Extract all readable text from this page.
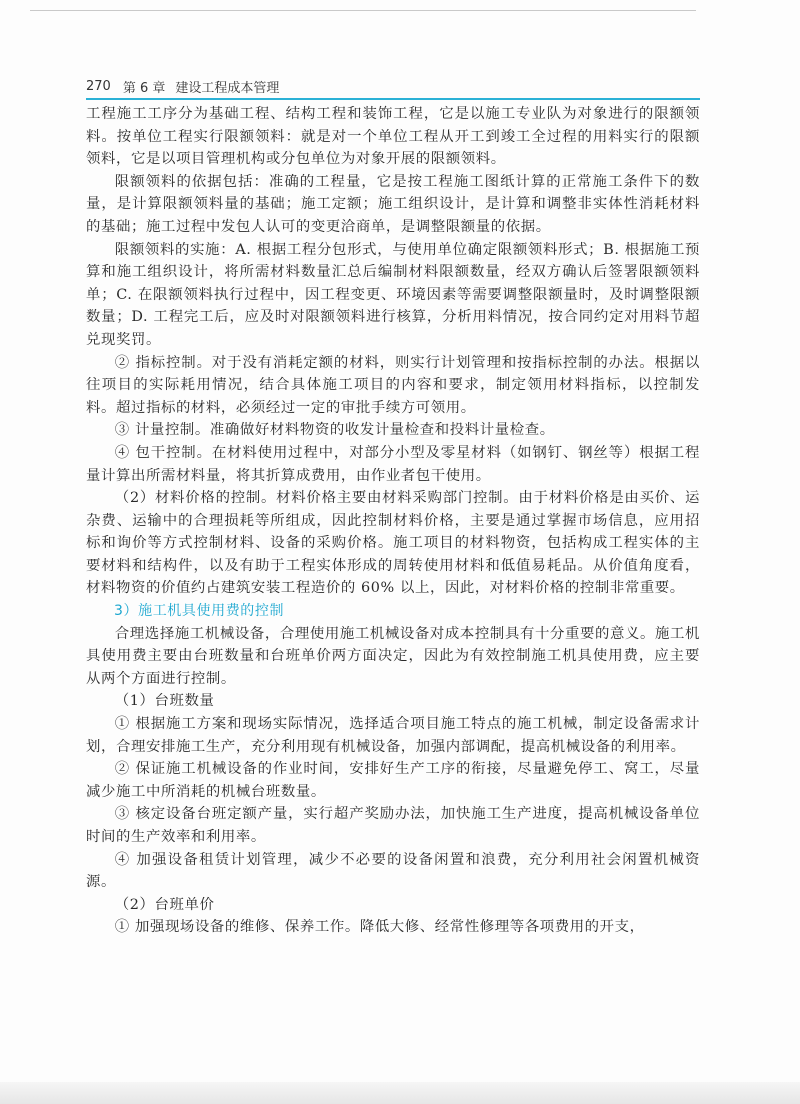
270 第 6 章 建设工程成本管理

工程施工工序分为基础工程、结构工程和装饰工程，它是以施工专业队为对象进行的限额领料。按单位工程实行限额领料：就是对一个单位工程从开工到竣工全过程的用料实行的限额领料，它是以项目管理机构或分包单位为对象开展的限额领料。

限额领料的依据包括：准确的工程量，它是按工程施工图纸计算的正常施工条件下的数量，是计算限额领料量的基础；施工定额；施工组织设计，是计算和调整非实体性消耗材料的基础；施工过程中发包人认可的变更洽商单，是调整限额量的依据。

限额领料的实施：A. 根据工程分包形式，与使用单位确定限额领料形式；B. 根据施工预算和施工组织设计，将所需材料数量汇总后编制材料限额数量，经双方确认后签署限额领料单；C. 在限额领料执行过程中，因工程变更、环境因素等需要调整限额量时，及时调整限额数量；D. 工程完工后，应及时对限额领料进行核算，分析用料情况，按合同约定对用料节超兑现奖罚。

② 指标控制。对于没有消耗定额的材料，则实行计划管理和按指标控制的办法。根据以往项目的实际耗用情况，结合具体施工项目的内容和要求，制定领用材料指标，以控制发料。超过指标的材料，必须经过一定的审批手续方可领用。

③ 计量控制。准确做好材料物资的收发计量检查和投料计量检查。

④ 包干控制。在材料使用过程中，对部分小型及零星材料（如钢钉、钢丝等）根据工程量计算出所需材料量，将其折算成费用，由作业者包干使用。

（2）材料价格的控制。材料价格主要由材料采购部门控制。由于材料价格是由买价、运杂费、运输中的合理损耗等所组成，因此控制材料价格，主要是通过掌握市场信息，应用招标和询价等方式控制材料、设备的采购价格。施工项目的材料物资，包括构成工程实体的主要材料和结构件，以及有助于工程实体形成的周转使用材料和低值易耗品。从价值角度看，材料物资的价值约占建筑安装工程造价的 60% 以上，因此，对材料价格的控制非常重要。

3）施工机具使用费的控制

合理选择施工机械设备，合理使用施工机械设备对成本控制具有十分重要的意义。施工机具使用费主要由台班数量和台班单价两方面决定，因此为有效控制施工机具使用费，应主要从两个方面进行控制。

（1）台班数量

① 根据施工方案和现场实际情况，选择适合项目施工特点的施工机械，制定设备需求计划，合理安排施工生产，充分利用现有机械设备，加强内部调配，提高机械设备的利用率。

② 保证施工机械设备的作业时间，安排好生产工序的衔接，尽量避免停工、窝工，尽量减少施工中所消耗的机械台班数量。

③ 核定设备台班定额产量，实行超产奖励办法，加快施工生产进度，提高机械设备单位时间的生产效率和利用率。

④ 加强设备租赁计划管理，减少不必要的设备闲置和浪费，充分利用社会闲置机械资源。

（2）台班单价

① 加强现场设备的维修、保养工作。降低大修、经常性修理等各项费用的开支，
